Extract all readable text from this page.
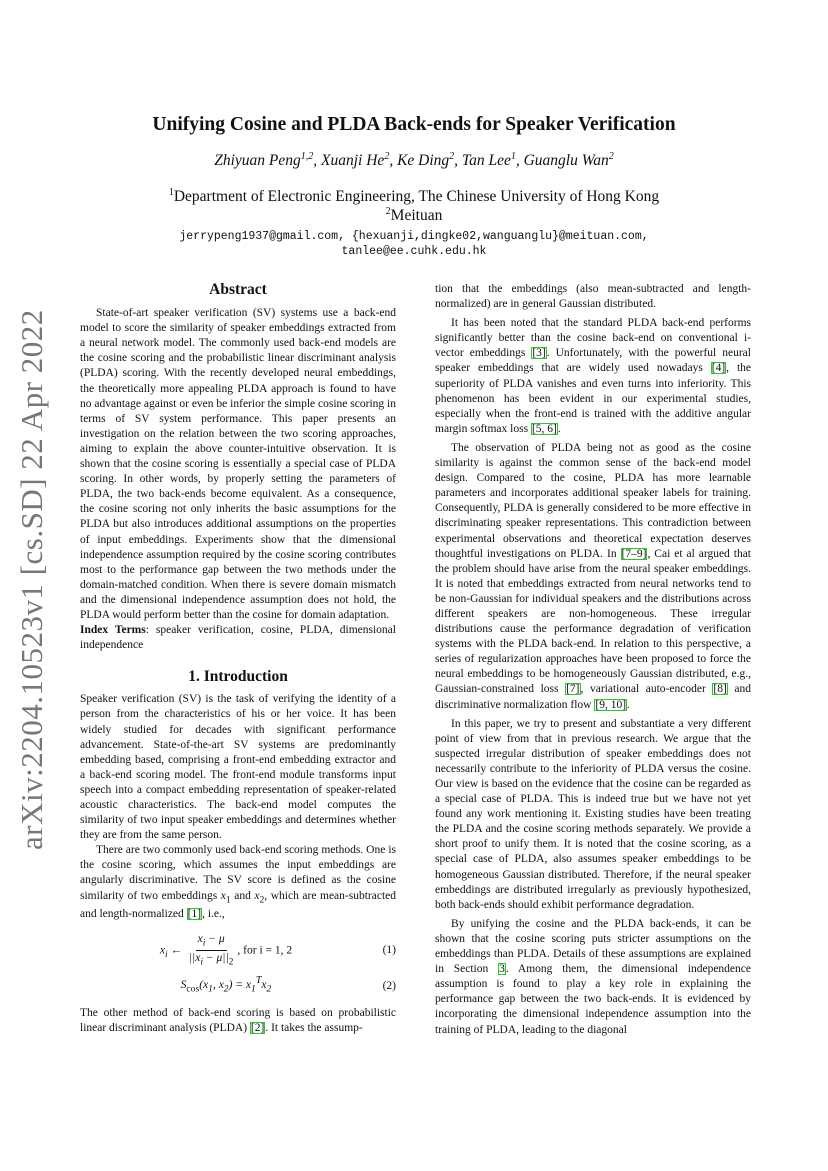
arXiv:2204.10523v1 [cs.SD] 22 Apr 2022
Unifying Cosine and PLDA Back-ends for Speaker Verification
Zhiyuan Peng$^{1,2}$, Xuanji He$^2$, Ke Ding$^2$, Tan Lee$^1$, Guanglu Wan$^2$
$^1$Department of Electronic Engineering, The Chinese University of Hong Kong
$^2$Meituan
jerrypeng1937@gmail.com, {hexuanji,dingke02,wanguanglu}@meituan.com,
tanlee@ee.cuhk.edu.hk
Abstract

State-of-art speaker verification (SV) systems use a back-end model to score the similarity of speaker embeddings extracted from a neural network model. The commonly used back-end models are the cosine scoring and the probabilistic linear discriminant analysis (PLDA) scoring. With the recently developed neural embeddings, the theoretically more appealing PLDA approach is found to have no advantage against or even be inferior the simple cosine scoring in terms of SV system performance. This paper presents an investigation on the relation between the two scoring approaches, aiming to explain the above counter-intuitive observation. It is shown that the cosine scoring is essentially a special case of PLDA scoring. In other words, by properly setting the parameters of PLDA, the two back-ends become equivalent. As a consequence, the cosine scoring not only inherits the basic assumptions for the PLDA but also introduces additional assumptions on the properties of input embeddings. Experiments show that the dimensional independence assumption required by the cosine scoring contributes most to the performance gap between the two methods under the domain-matched condition. When there is severe domain mismatch and the dimensional independence assumption does not hold, the PLDA would perform better than the cosine for domain adaptation.

Index Terms: speaker verification, cosine, PLDA, dimensional independence

1. Introduction

Speaker verification (SV) is the task of verifying the identity of a person from the characteristics of his or her voice. It has been widely studied for decades with significant performance advancement. State-of-the-art SV systems are predominantly embedding based, comprising a front-end embedding extractor and a back-end scoring model. The front-end module transforms input speech into a compact embedding representation of speaker-related acoustic characteristics. The back-end model computes the similarity of two input speaker embeddings and determines whether they are from the same person.

There are two commonly used back-end scoring methods. One is the cosine scoring, which assumes the input embeddings are angularly discriminative. The SV score is defined as the cosine similarity of two embeddings $x_1$ and $x_2$, which are mean-subtracted and length-normalized [1], i.e.,

$x_i$ ← $\frac{x_i - \mu}{||x_i - \mu||_2}$ , for i = 1, 2	(1)
$S_{cos}(x_1$, $x_2) = x_1^Tx_2$	(2)

The other method of back-end scoring is based on probabilistic linear discriminant analysis (PLDA) [2]. It takes the assump-

tion that the embeddings (also mean-subtracted and length-normalized) are in general Gaussian distributed.

It has been noted that the standard PLDA back-end performs significantly better than the cosine back-end on conventional i-vector embeddings [3]. Unfortunately, with the powerful neural speaker embeddings that are widely used nowadays [4], the superiority of PLDA vanishes and even turns into inferiority. This phenomenon has been evident in our experimental studies, especially when the front-end is trained with the additive angular margin softmax loss [5, 6].

The observation of PLDA being not as good as the cosine similarity is against the common sense of the back-end model design. Compared to the cosine, PLDA has more learnable parameters and incorporates additional speaker labels for training. Consequently, PLDA is generally considered to be more effective in discriminating speaker representations. This contradiction between experimental observations and theoretical expectation deserves thoughtful investigations on PLDA. In [7–9], Cai et al argued that the problem should have arise from the neural speaker embeddings. It is noted that embeddings extracted from neural networks tend to be non-Gaussian for individual speakers and the distributions across different speakers are non-homogeneous. These irregular distributions cause the performance degradation of verification systems with the PLDA back-end. In relation to this perspective, a series of regularization approaches have been proposed to force the neural embeddings to be homogeneously Gaussian distributed, e.g., Gaussian-constrained loss [7], variational auto-encoder [8] and discriminative normalization flow [9, 10].

In this paper, we try to present and substantiate a very different point of view from that in previous research. We argue that the suspected irregular distribution of speaker embeddings does not necessarily contribute to the inferiority of PLDA versus the cosine. Our view is based on the evidence that the cosine can be regarded as a special case of PLDA. This is indeed true but we have not yet found any work mentioning it. Existing studies have been treating the PLDA and the cosine scoring methods separately. We provide a short proof to unify them. It is noted that the cosine scoring, as a special case of PLDA, also assumes speaker embeddings to be homogeneous Gaussian distributed. Therefore, if the neural speaker embeddings are distributed irregularly as previously hypothesized, both back-ends should exhibit performance degradation.

By unifying the cosine and the PLDA back-ends, it can be shown that the cosine scoring puts stricter assumptions on the embeddings than PLDA. Details of these assumptions are explained in Section 3. Among them, the dimensional independence assumption is found to play a key role in explaining the performance gap between the two back-ends. It is evidenced by incorporating the dimensional independence assumption into the training of PLDA, leading to the diagonal
